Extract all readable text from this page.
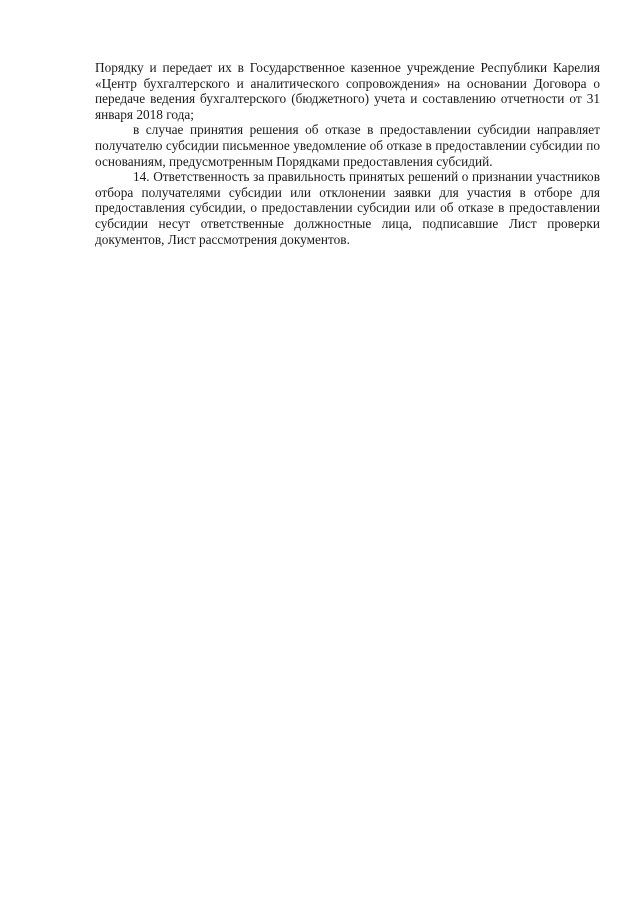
Порядку и передает их в Государственное казенное учреждение Республики Карелия «Центр бухгалтерского и аналитического сопровождения» на основании Договора о передаче ведения бухгалтерского (бюджетного) учета и составлению отчетности от 31 января 2018 года;

в случае принятия решения об отказе в предоставлении субсидии направляет получателю субсидии письменное уведомление об отказе в предоставлении субсидии по основаниям, предусмотренным Порядками предоставления субсидий.

14. Ответственность за правильность принятых решений о признании участников отбора получателями субсидии или отклонении заявки для участия в отборе для предоставления субсидии, о предоставлении субсидии или об отказе в предоставлении субсидии несут ответственные должностные лица, подписавшие Лист проверки документов, Лист рассмотрения документов.
